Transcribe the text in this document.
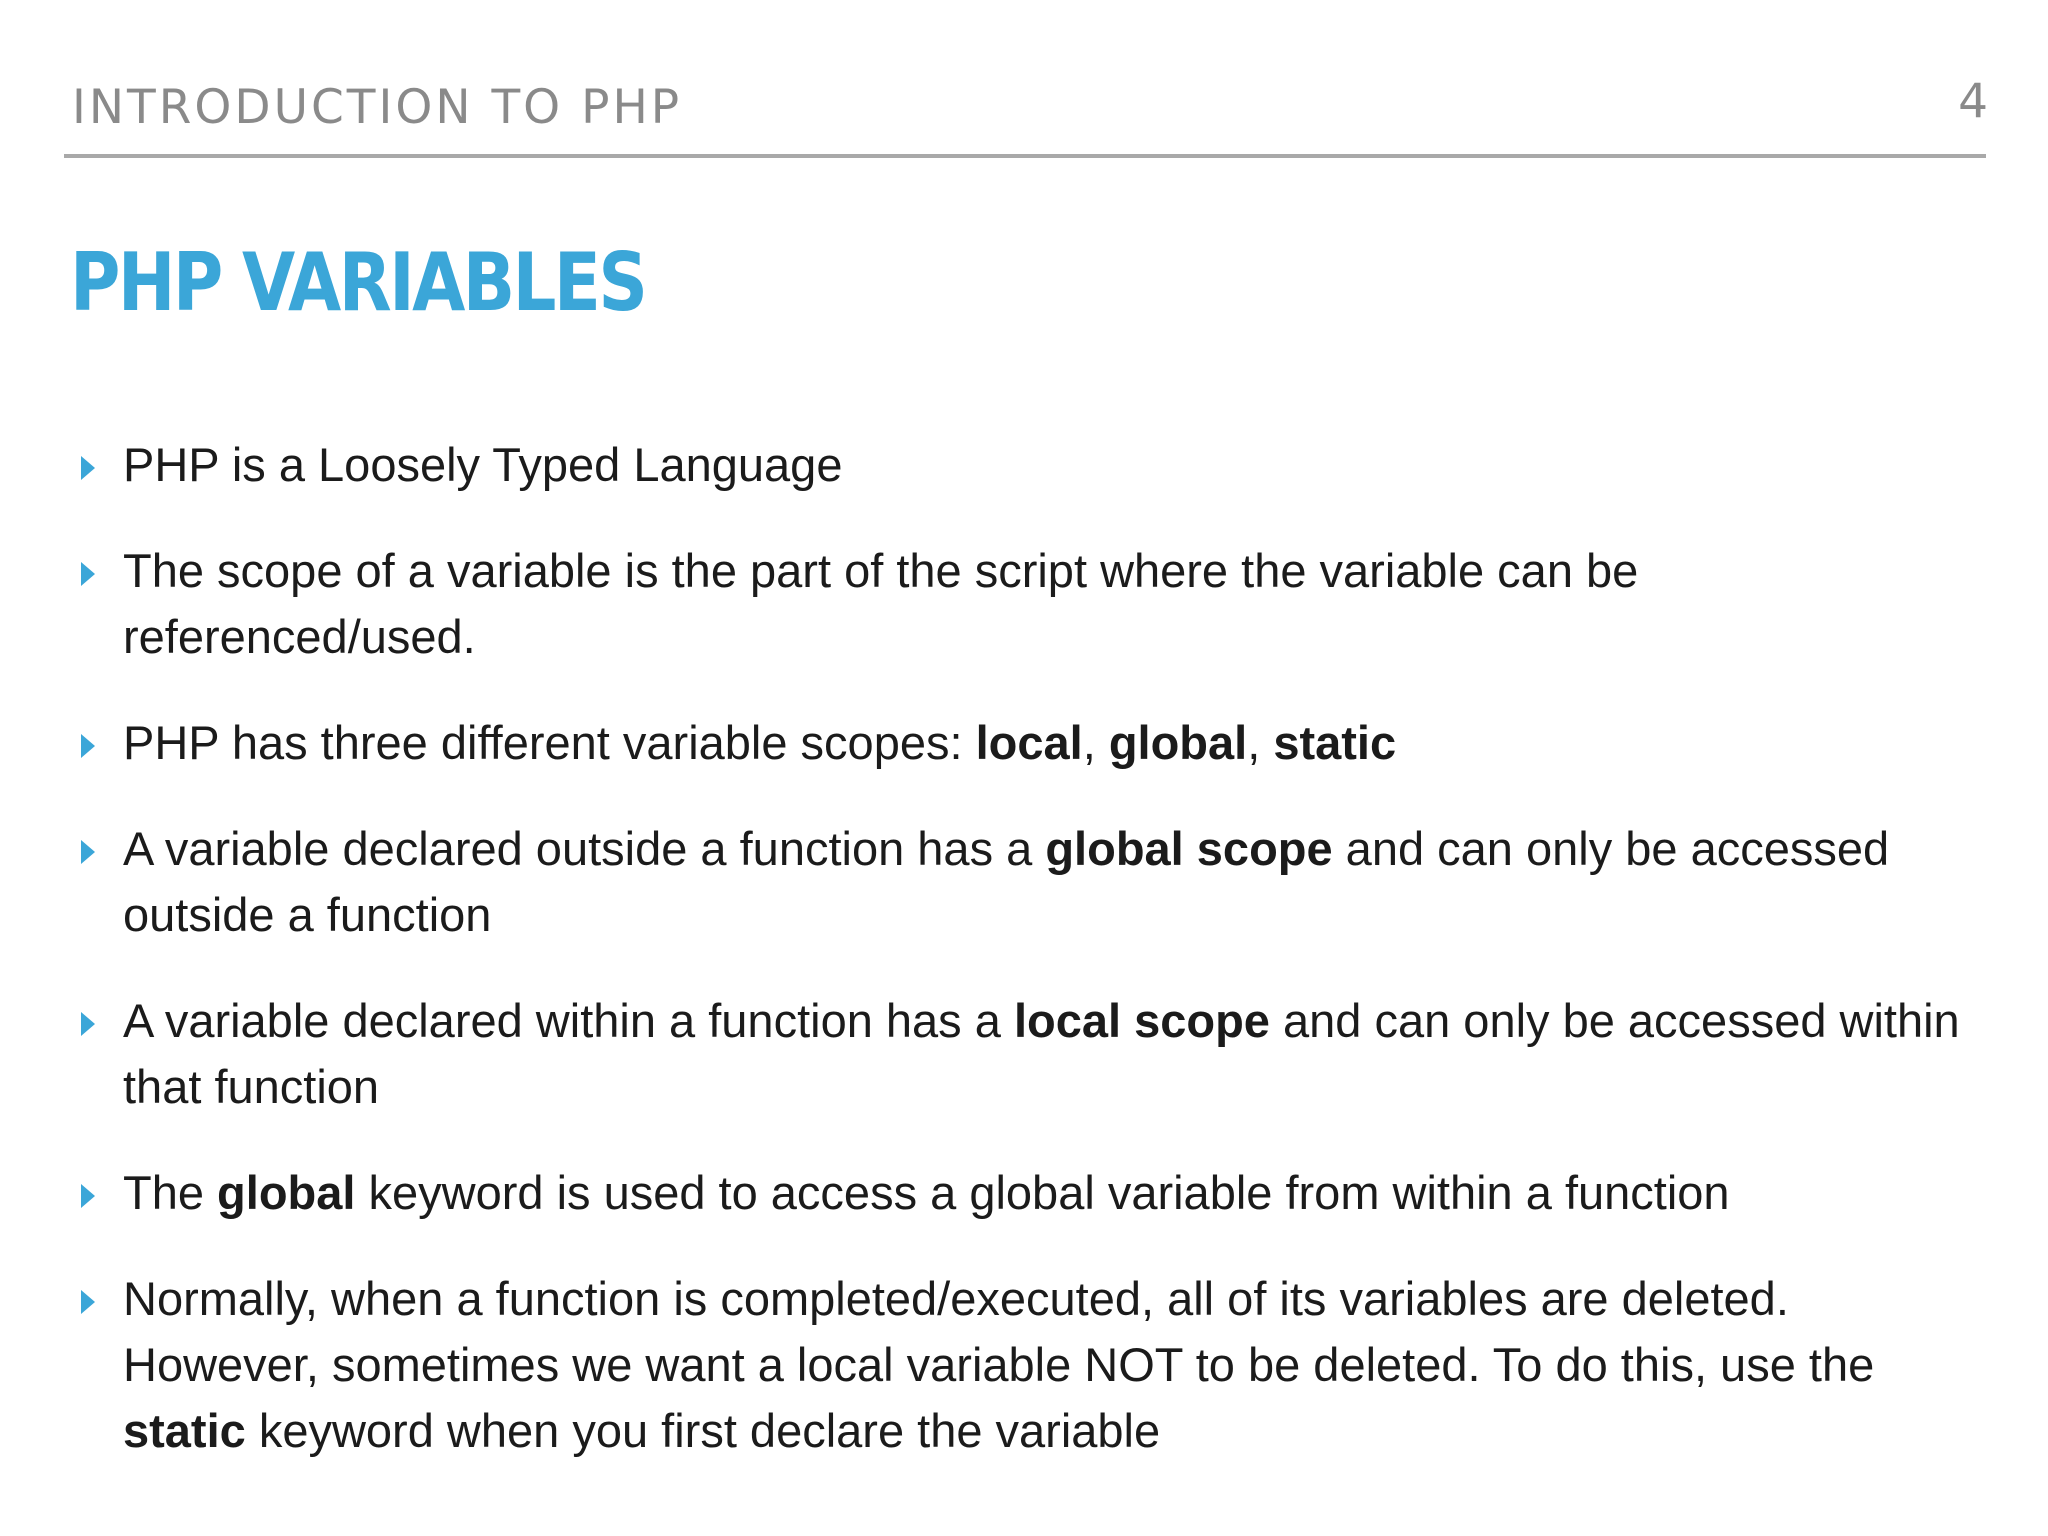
INTRODUCTION TO PHP	4
PHP VARIABLES
PHP is a Loosely Typed Language
The scope of a variable is the part of the script where the variable can be referenced/used.
PHP has three different variable scopes: local, global, static
A variable declared outside a function has a global scope and can only be accessed outside a function
A variable declared within a function has a local scope and can only be accessed within that function
The global keyword is used to access a global variable from within a function
Normally, when a function is completed/executed, all of its variables are deleted. However, sometimes we want a local variable NOT to be deleted. To do this, use the static keyword when you first declare the variable
